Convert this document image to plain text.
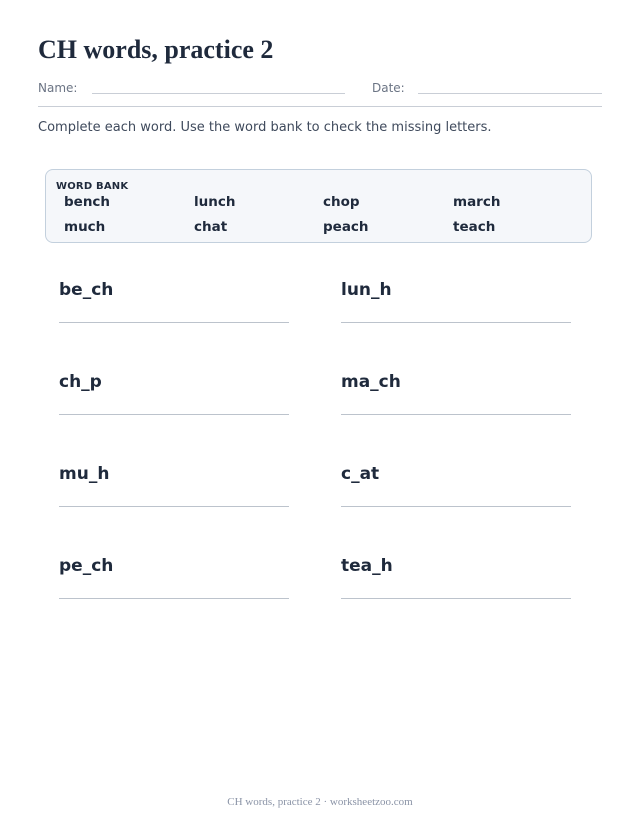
CH words, practice 2
Name:	Date:
Complete each word. Use the word bank to check the missing letters.
WORD BANK
bench	lunch	chop	march
much	chat	peach	teach
be_ch	lun_h
ch_p	ma_ch
mu_h	c_at
pe_ch	tea_h
CH words, practice 2 · worksheetzoo.com
